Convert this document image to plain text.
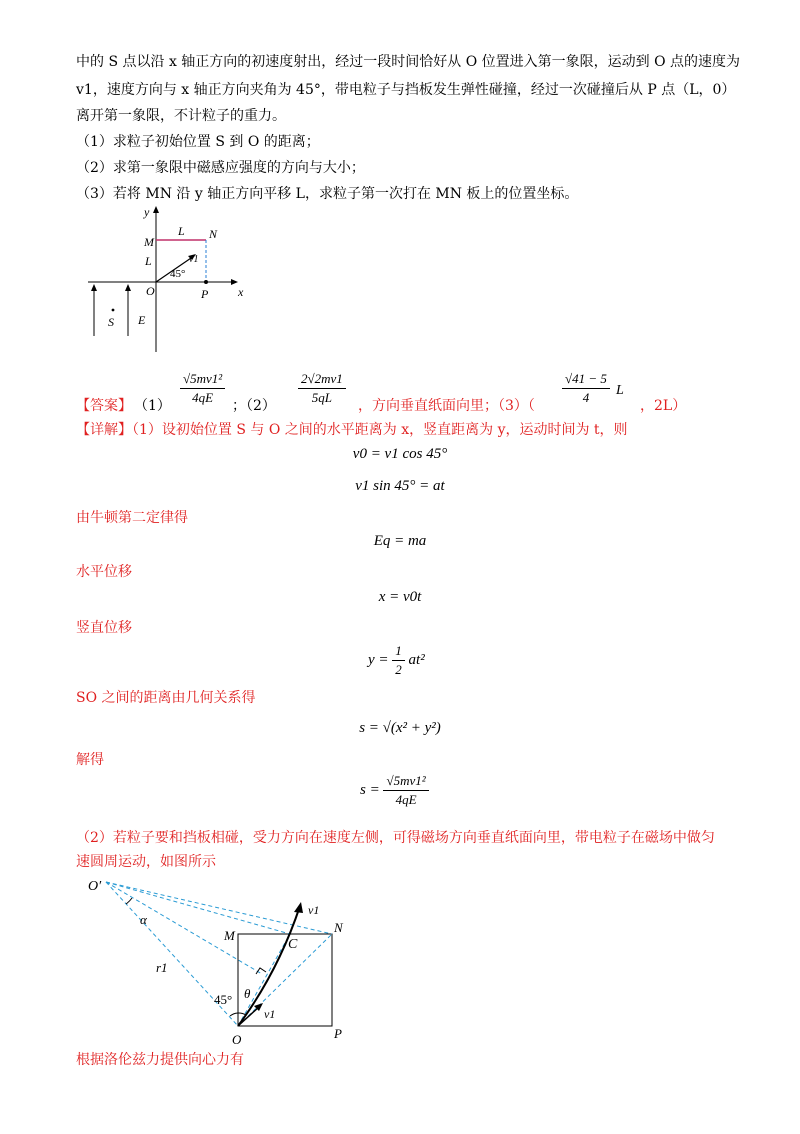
中的 S 点以沿 x 轴正方向的初速度射出，经过一段时间恰好从 O 位置进入第一象限，运动到 O 点的速度为
v1，速度方向与 x 轴正方向夹角为 45°，带电粒子与挡板发生弹性碰撞，经过一次碰撞后从 P 点（L，0）
离开第一象限，不计粒子的重力。
（1）求粒子初始位置 S 到 O 的距离；
（2）求第一象限中磁感应强度的方向与大小；
（3）若将 MN 沿 y 轴正方向平移 L，求粒子第一次打在 MN 板上的位置坐标。
y
x
M
N
L
L	v1
45°
O	P
S E
【答案】 $(1) \frac{\text{√5mv1²}}{4qE}$ ；$(2) \frac{2√2mv1}{5qL}$ ，方向垂直纸面向里；$(3)( \frac{√41 - 5}{4}$ L
，2L）
【详解】（1）设初始位置 S 与 O 之间的水平距离为 x，竖直距离为 y，运动时间为 t，则
v0 = v1 cos 45°
v1 sin 45° = at
由牛顿第二定律得
Eq = ma
水平位移
x = v0t
竖直位移
$y = \frac{1}{2} at^2$
SO 之间的距离由几何关系得
s = √(x² + y²)
解得
$s = \frac{\text{√5mv1²}}{4qE}$
（2）若粒子要和挡板相碰，受力方向在速度左侧，可得磁场方向垂直纸面向里，带电粒子在磁场中做匀
速圆周运动，如图所示
O′
α
r1
M
C
N
45° θ
v1
v1
O	P
根据洛伦兹力提供向心力有
